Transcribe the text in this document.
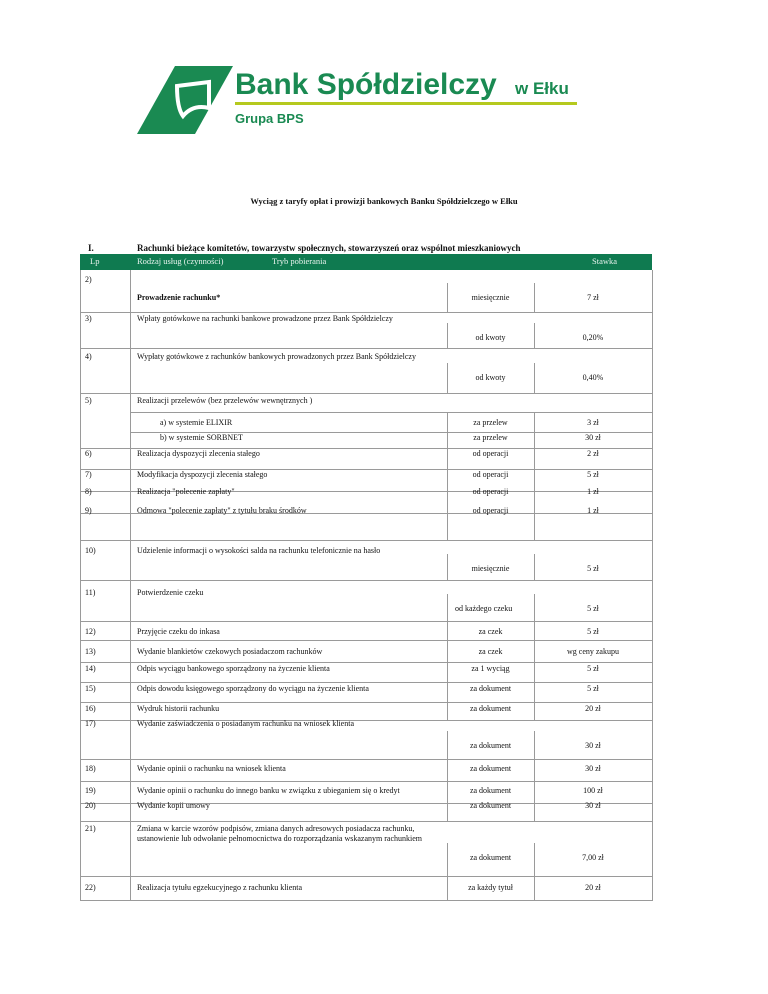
Bank Spółdzielczy w Ełku
Grupa BPS
Wyciąg z taryfy opłat i prowizji bankowych Banku Spółdzielczego w Ełku
I.	Rachunki bieżące komitetów, towarzystw społecznych, stowarzyszeń oraz wspólnot mieszkaniowych
Lp	Rodzaj usług (czynności)	Tryb pobierania	Stawka
2)
Prowadzenie rachunku*	miesięcznie	7 zł
3)	Wpłaty gotówkowe na rachunki bankowe prowadzone przez Bank Spółdzielczy
od kwoty	0,20%
4)	Wypłaty gotówkowe z rachunków bankowych prowadzonych przez Bank Spółdzielczy
od kwoty	0,40%
5)	Realizacji przelewów (bez przelewów wewnętrznych )
a) w systemie ELIXIR	za przelew	3 zł
b) w systemie SORBNET	za przelew	30 zł
6)	Realizacja dyspozycji zlecenia stałego	od operacji	2 zł
7)	Modyfikacja dyspozycji zlecenia stałego	od operacji	5 zł
8)	Realizacja "polecenie zapłaty"	od operacji	1 zł
9)	Odmowa "polecenie zapłaty" z tytułu braku środków	od operacji	1 zł
10)	Udzielenie informacji o wysokości salda na rachunku telefonicznie na hasło
miesięcznie	5 zł
11)	Potwierdzenie czeku
od każdego czeku	5 zł
12)	Przyjęcie czeku do inkasa	za czek	5 zł
13)	Wydanie blankietów czekowych posiadaczom rachunków	za czek	wg ceny zakupu
14)	Odpis wyciągu bankowego sporządzony na życzenie klienta	za 1 wyciąg	5 zł
15)	Odpis dowodu księgowego sporządzony do wyciągu na życzenie klienta	za dokument	5 zł
16)	Wydruk historii rachunku	za dokument	20 zł
17)	Wydanie zaświadczenia o posiadanym rachunku na wniosek klienta
za dokument	30 zł
18)	Wydanie opinii o rachunku na wniosek klienta	za dokument	30 zł
19)	Wydanie opinii o rachunku do innego banku w związku z ubieganiem się o kredyt	za dokument	100 zł
20)	Wydanie kopii umowy	za dokument	30 zł
21)	Zmiana w karcie wzorów podpisów, zmiana danych adresowych posiadacza rachunku, ustanowienie lub odwołanie pełnomocnictwa do rozporządzania wskazanym rachunkiem
za dokument	7,00 zł
22)	Realizacja tytułu egzekucyjnego z rachunku klienta	za każdy tytuł	20 zł
